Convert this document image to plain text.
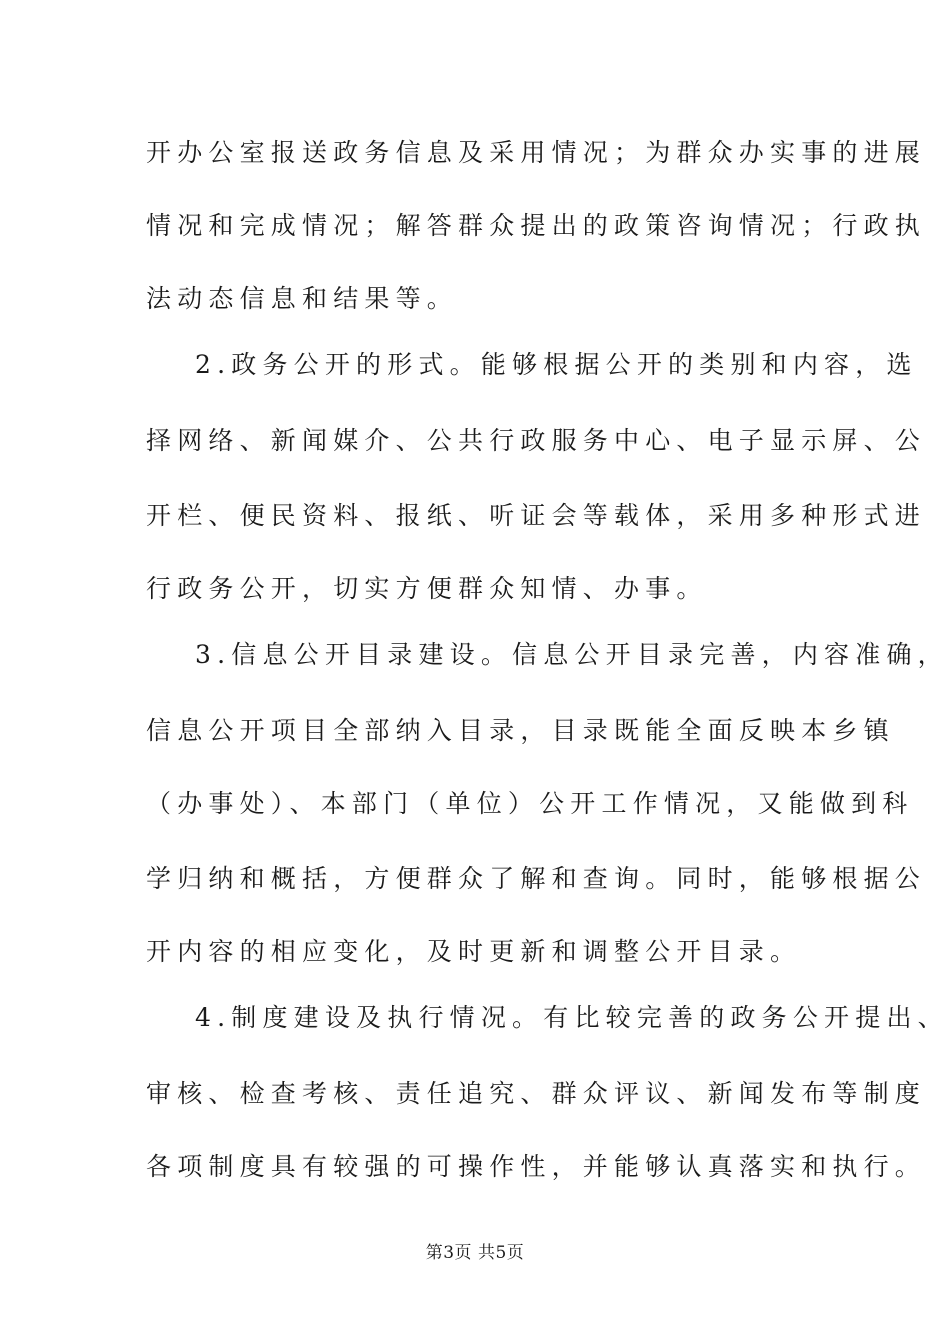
开办公室报送政务信息及采用情况；为群众办实事的进展
情况和完成情况；解答群众提出的政策咨询情况；行政执
法动态信息和结果等。
2.政务公开的形式。能够根据公开的类别和内容，选
择网络、新闻媒介、公共行政服务中心、电子显示屏、公
开栏、便民资料、报纸、听证会等载体，采用多种形式进
行政务公开，切实方便群众知情、办事。
3.信息公开目录建设。信息公开目录完善，内容准确，
信息公开项目全部纳入目录，目录既能全面反映本乡镇
（办事处）、本部门（单位）公开工作情况，又能做到科
学归纳和概括，方便群众了解和查询。同时，能够根据公
开内容的相应变化，及时更新和调整公开目录。
4.制度建设及执行情况。有比较完善的政务公开提出、
审核、检查考核、责任追究、群众评议、新闻发布等制度
各项制度具有较强的可操作性，并能够认真落实和执行。
第3页 共5页
